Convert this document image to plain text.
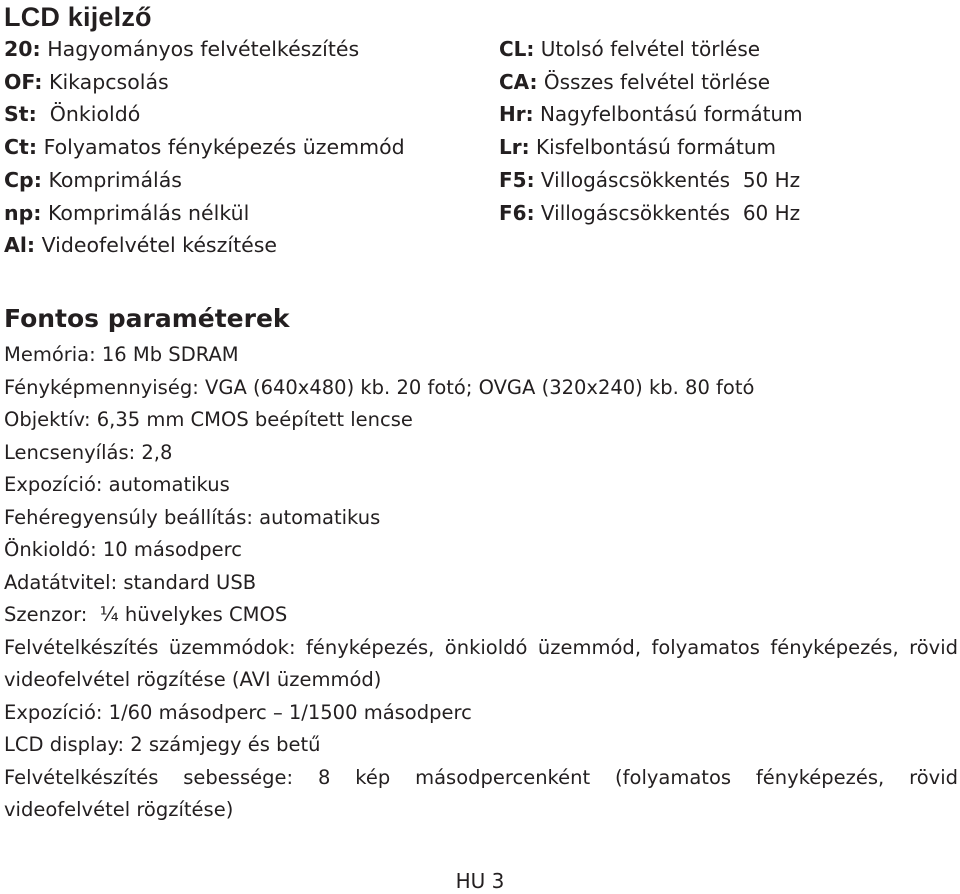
LCD kijelző
20: Hagyományos felvételkészítés
OF: Kikapcsolás
St:  Önkioldó
Ct: Folyamatos fényképezés üzemmód
Cp: Komprimálás
np: Komprimálás nélkül
Al: Videofelvétel készítése
CL: Utolsó felvétel törlése
CA: Összes felvétel törlése
Hr: Nagyfelbontású formátum
Lr: Kisfelbontású formátum
F5: Villogáscsökkentés  50 Hz
F6: Villogáscsökkentés  60 Hz
Fontos paraméterek
Memória: 16 Mb SDRAM
Fényképmennyiség: VGA (640x480) kb. 20 fotó; OVGA (320x240) kb. 80 fotó
Objektív: 6,35 mm CMOS beépített lencse
Lencsenyílás: 2,8
Expozíció: automatikus
Fehéregyensúly beállítás: automatikus
Önkioldó: 10 másodperc
Adatátvitel: standard USB
Szenzor:  ¼ hüvelykes CMOS
Felvételkészítés üzemmódok: fényképezés, önkioldó üzemmód, folyamatos fényképezés, rövid videofelvétel rögzítése (AVI üzemmód)
Expozíció: 1/60 másodperc – 1/1500 másodperc
LCD display: 2 számjegy és betű
Felvételkészítés sebessége: 8 kép másodpercenként (folyamatos fényképezés, rövid videofelvétel rögzítése)
HU 3
